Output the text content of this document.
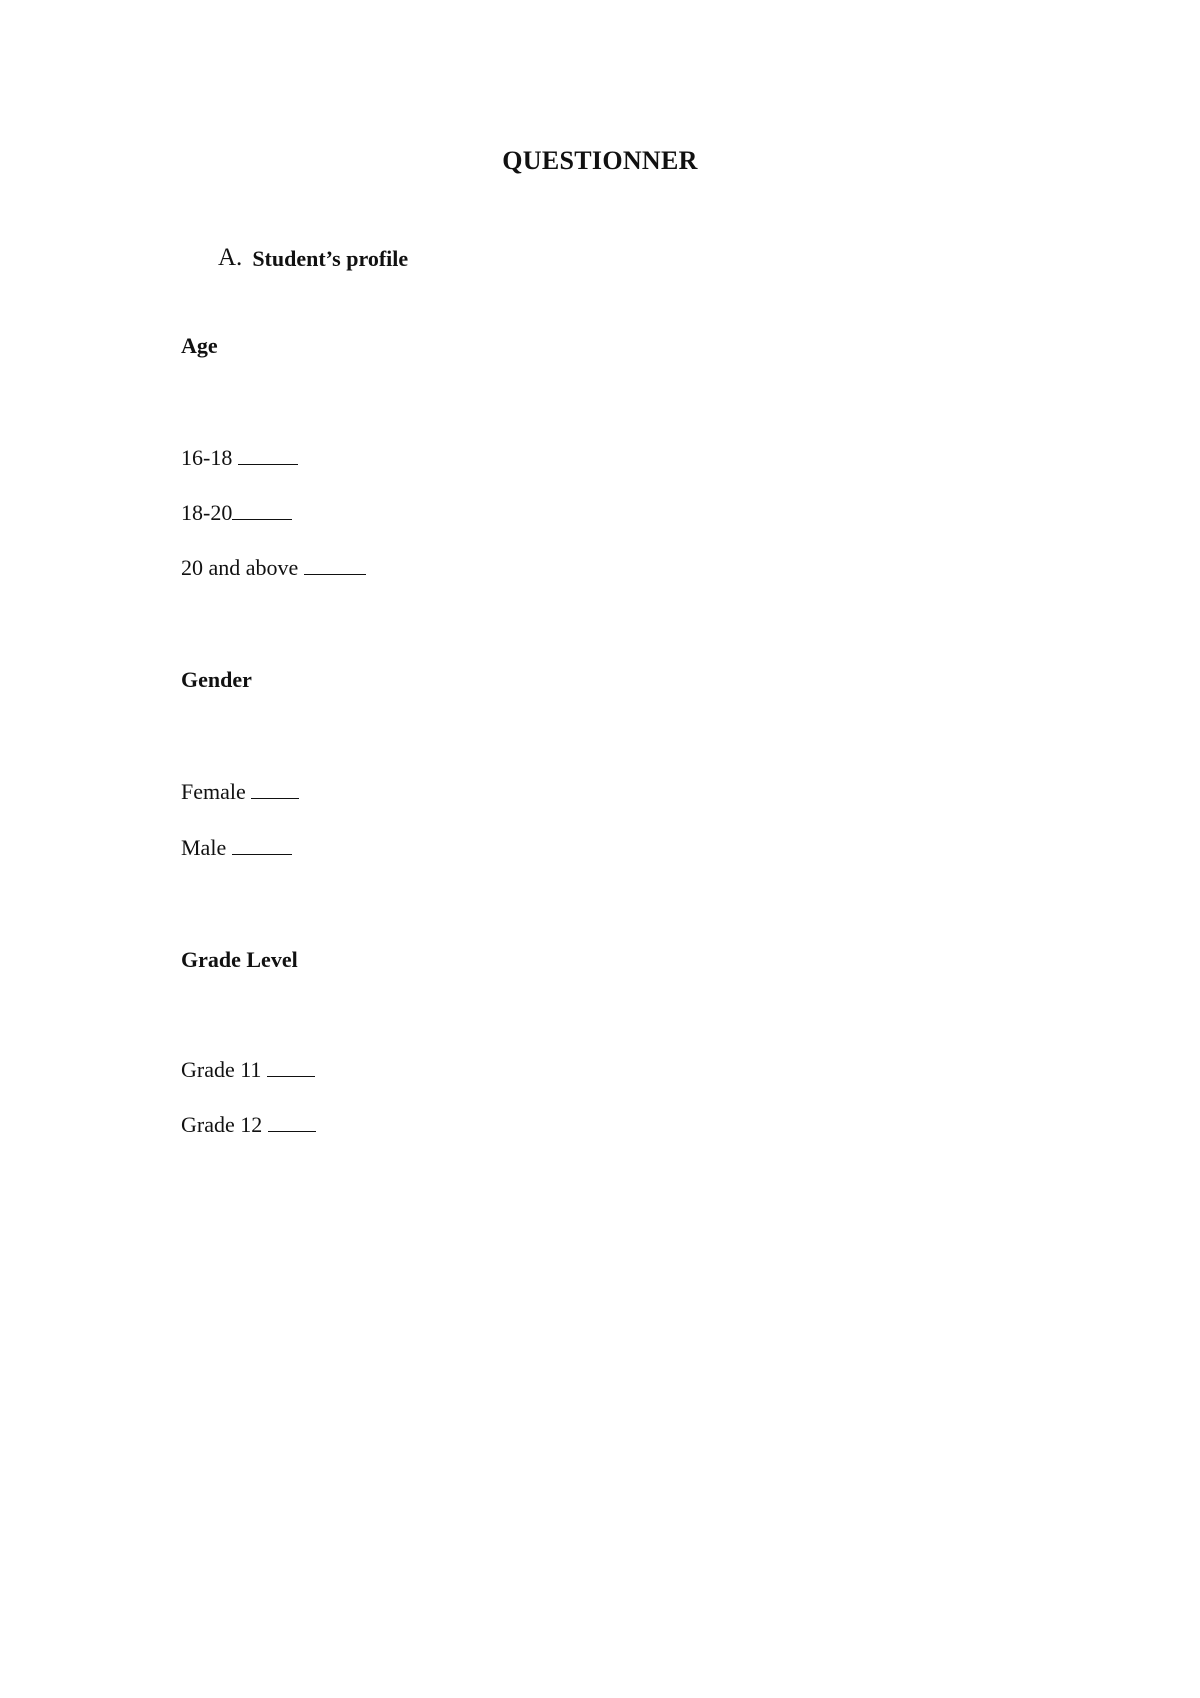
QUESTIONNER
A. Student’s profile
Age
16-18
18-20
20 and above
Gender
Female
Male
Grade Level
Grade 11
Grade 12
